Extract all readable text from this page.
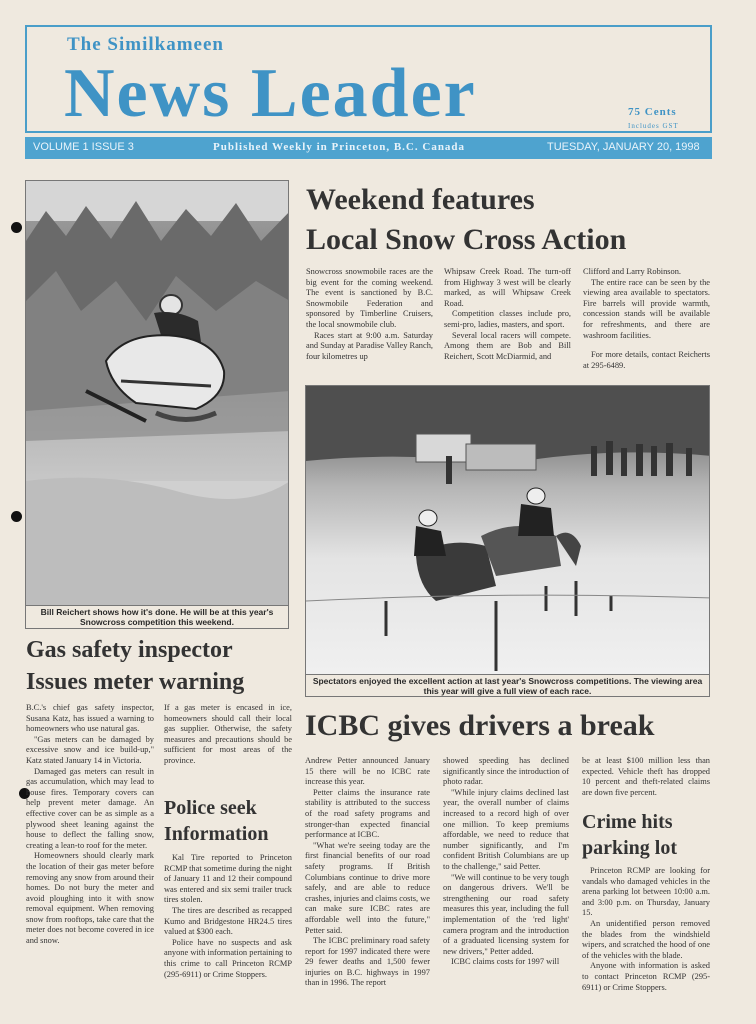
The Similkameen
News Leader	75 Cents
Includes GST
VOLUME 1 ISSUE 3	Published Weekly in Princeton, B.C. Canada	TUESDAY, JANUARY 20, 1998
Bill Reichert shows how it's done. He will be at this year's Snowcross competition this weekend.
Weekend features
Local Snow Cross Action

Snowcross snowmobile races are the big event for the coming weekend. The event is sanctioned by B.C. Snowmobile Federation and sponsored by Timberline Cruisers, the local snowmobile club.

Races start at 9:00 a.m. Saturday and Sunday at Paradise Valley Ranch, four kilometres up

Whipsaw Creek Road. The turn-off from Highway 3 west will be clearly marked, as will Whipsaw Creek Road.

Competition classes include pro, semi-pro, ladies, masters, and sport.

Several local racers will compete. Among them are Bob and Bill Reichert, Scott McDiarmid, and

Clifford and Larry Robinson.

The entire race can be seen by the viewing area available to spectators. Fire barrels will provide warmth, concession stands will be available for refreshments, and there are washroom facilities.

For more details, contact Reicherts at 295-6489.

Spectators enjoyed the excellent action at last year's Snowcross competitions. The viewing area this year will give a full view of each race.
Gas safety inspector
Issues meter warning

B.C.'s chief gas safety inspector, Susana Katz, has issued a warning to homeowners who use natural gas.

"Gas meters can be damaged by excessive snow and ice build-up," Katz stated January 14 in Victoria.

Damaged gas meters can result in gas accumulation, which may lead to house fires. Temporary covers can help prevent meter damage. An effective cover can be as simple as a plywood sheet leaning against the house to deflect the falling snow, creating a lean-to roof for the meter.

Homeowners should clearly mark the location of their gas meter before removing any snow from around their homes. Do not bury the meter and avoid ploughing into it with snow removal equipment. When removing snow from rooftops, take care that the meter does not become covered in ice and snow.

If a gas meter is encased in ice, homeowners should call their local gas supplier. Otherwise, the safety measures and precautions should be sufficient for most areas of the province.

Police seek
Information

Kal Tire reported to Princeton RCMP that sometime during the night of January 11 and 12 their compound was entered and six semi trailer truck tires stolen.

The tires are described as recapped Kumo and Bridgestone HR24.5 tires valued at $300 each.

Police have no suspects and ask anyone with information pertaining to this crime to call Princeton RCMP (295-6911) or Crime Stoppers.

ICBC gives drivers a break

Andrew Petter announced January 15 there will be no ICBC rate increase this year.

Petter claims the insurance rate stability is attributed to the success of the road safety programs and stronger-than expected financial performance at ICBC.

"What we're seeing today are the first financial benefits of our road safety programs. If British Columbians continue to drive more safely, and are able to reduce crashes, injuries and claims costs, we can make sure ICBC rates are affordable well into the future," Petter said.

The ICBC preliminary road safety report for 1997 indicated there were 29 fewer deaths and 1,500 fewer injuries on B.C. highways in 1997 than in 1996. The report

showed speeding has declined significantly since the introduction of photo radar.

"While injury claims declined last year, the overall number of claims increased to a record high of over one million. To keep premiums affordable, we need to reduce that number significantly, and I'm confident British Columbians are up to the challenge," said Petter.

"We will continue to be very tough on dangerous drivers. We'll be strengthening our road safety measures this year, including the full implementation of the 'red light' camera program and the introduction of a graduated licensing system for new drivers," Petter added.

ICBC claims costs for 1997 will

be at least $100 million less than expected. Vehicle theft has dropped 10 percent and theft-related claims are down five percent.

Crime hits
parking lot

Princeton RCMP are looking for vandals who damaged vehicles in the arena parking lot between 10:00 a.m. and 3:00 p.m. on Thursday, January 15.

An unidentified person removed the blades from the windshield wipers, and scratched the hood of one of the vehicles with the blade.

Anyone with information is asked to contact Princeton RCMP (295-6911) or Crime Stoppers.
